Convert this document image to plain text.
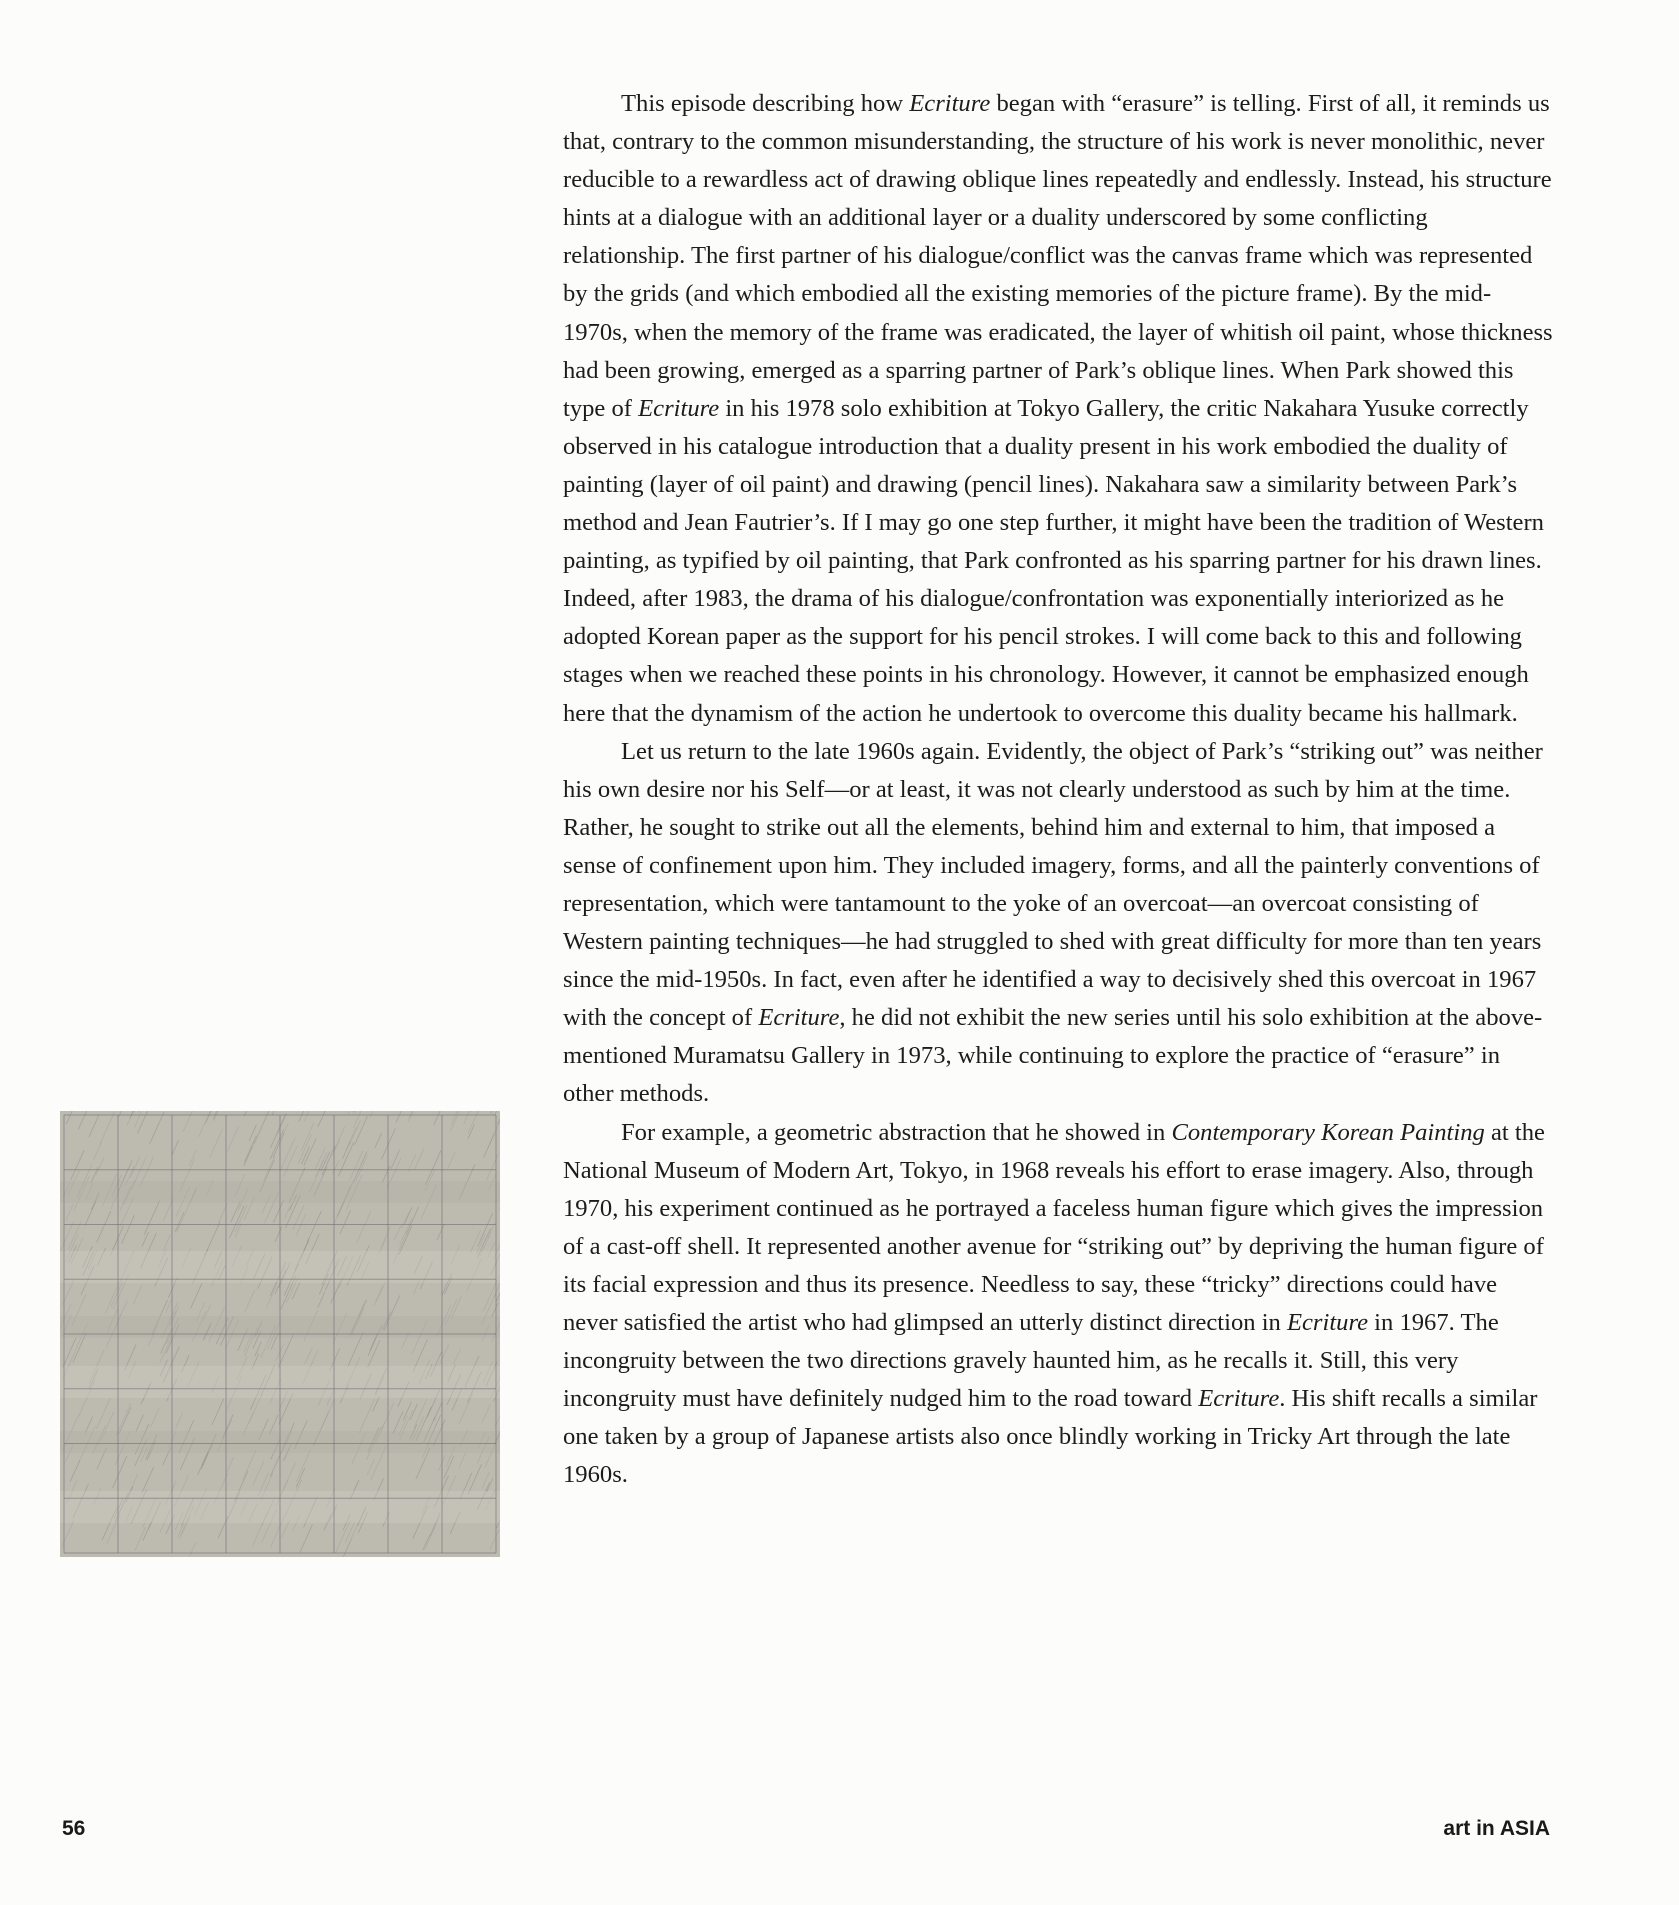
This episode describing how Ecriture began with “erasure” is telling. First of all, it reminds us that, contrary to the common misunderstanding, the structure of his work is never monolithic, never reducible to a rewardless act of drawing oblique lines repeatedly and endlessly. Instead, his structure hints at a dialogue with an additional layer or a duality underscored by some conflicting relationship. The first partner of his dialogue/conflict was the canvas frame which was represented by the grids (and which embodied all the existing memories of the picture frame). By the mid-1970s, when the memory of the frame was eradicated, the layer of whitish oil paint, whose thickness had been growing, emerged as a sparring partner of Park’s oblique lines. When Park showed this type of Ecriture in his 1978 solo exhibition at Tokyo Gallery, the critic Nakahara Yusuke correctly observed in his catalogue introduction that a duality present in his work embodied the duality of painting (layer of oil paint) and drawing (pencil lines). Nakahara saw a similarity between Park’s method and Jean Fautrier’s. If I may go one step further, it might have been the tradition of Western painting, as typified by oil painting, that Park confronted as his sparring partner for his drawn lines. Indeed, after 1983, the drama of his dialogue/confrontation was exponentially interiorized as he adopted Korean paper as the support for his pencil strokes. I will come back to this and following stages when we reached these points in his chronology. However, it cannot be emphasized enough here that the dynamism of the action he undertook to overcome this duality became his hallmark.

Let us return to the late 1960s again. Evidently, the object of Park’s “striking out” was neither his own desire nor his Self—or at least, it was not clearly understood as such by him at the time. Rather, he sought to strike out all the elements, behind him and external to him, that imposed a sense of confinement upon him. They included imagery, forms, and all the painterly conventions of representation, which were tantamount to the yoke of an overcoat—an overcoat consisting of Western painting techniques—he had struggled to shed with great difficulty for more than ten years since the mid-1950s. In fact, even after he identified a way to decisively shed this overcoat in 1967 with the concept of Ecriture, he did not exhibit the new series until his solo exhibition at the above-mentioned Muramatsu Gallery in 1973, while continuing to explore the practice of “erasure” in other methods.

For example, a geometric abstraction that he showed in Contemporary Korean Painting at the National Museum of Modern Art, Tokyo, in 1968 reveals his effort to erase imagery. Also, through 1970, his experiment continued as he portrayed a faceless human figure which gives the impression of a cast-off shell. It represented another avenue for “striking out” by depriving the human figure of its facial expression and thus its presence. Needless to say, these “tricky” directions could have never satisfied the artist who had glimpsed an utterly distinct direction in Ecriture in 1967. The incongruity between the two directions gravely haunted him, as he recalls it. Still, this very incongruity must have definitely nudged him to the road toward Ecriture. His shift recalls a similar one taken by a group of Japanese artists also once blindly working in Tricky Art through the late 1960s.

56	art in ASIA
